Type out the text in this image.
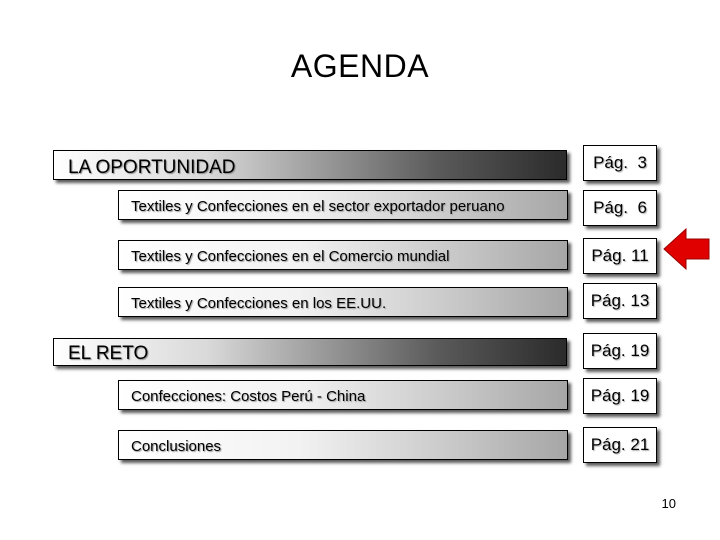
AGENDA
LA OPORTUNIDAD	Pág.  3
Textiles y Confecciones en el sector exportador peruano	Pág.  6
Textiles y Confecciones en el Comercio mundial	Pág. 11
Textiles y Confecciones en los EE.UU.	Pág. 13
EL RETO	Pág. 19
Confecciones: Costos Perú - China	Pág. 19
Conclusiones	Pág. 21
10
